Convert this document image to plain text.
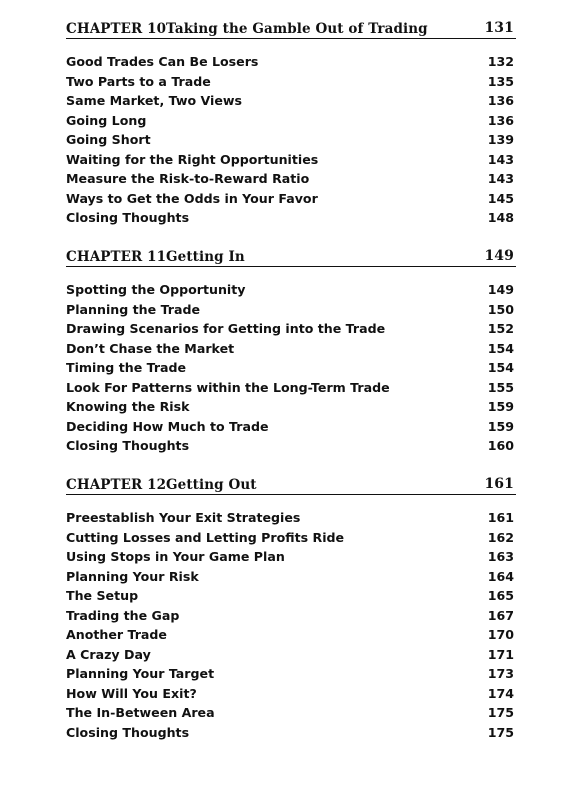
CHAPTER 10 Taking the Gamble Out of Trading	131
Good Trades Can Be Losers	132
Two Parts to a Trade	135
Same Market, Two Views	136
Going Long	136
Going Short	139
Waiting for the Right Opportunities	143
Measure the Risk-to-Reward Ratio	143
Ways to Get the Odds in Your Favor	145
Closing Thoughts	148
CHAPTER 11 Getting In	149
Spotting the Opportunity	149
Planning the Trade	150
Drawing Scenarios for Getting into the Trade	152
Don’t Chase the Market	154
Timing the Trade	154
Look For Patterns within the Long-Term Trade	155
Knowing the Risk	159
Deciding How Much to Trade	159
Closing Thoughts	160
CHAPTER 12 Getting Out	161
Preestablish Your Exit Strategies	161
Cutting Losses and Letting Profits Ride	162
Using Stops in Your Game Plan	163
Planning Your Risk	164
The Setup	165
Trading the Gap	167
Another Trade	170
A Crazy Day	171
Planning Your Target	173
How Will You Exit?	174
The In-Between Area	175
Closing Thoughts	175
